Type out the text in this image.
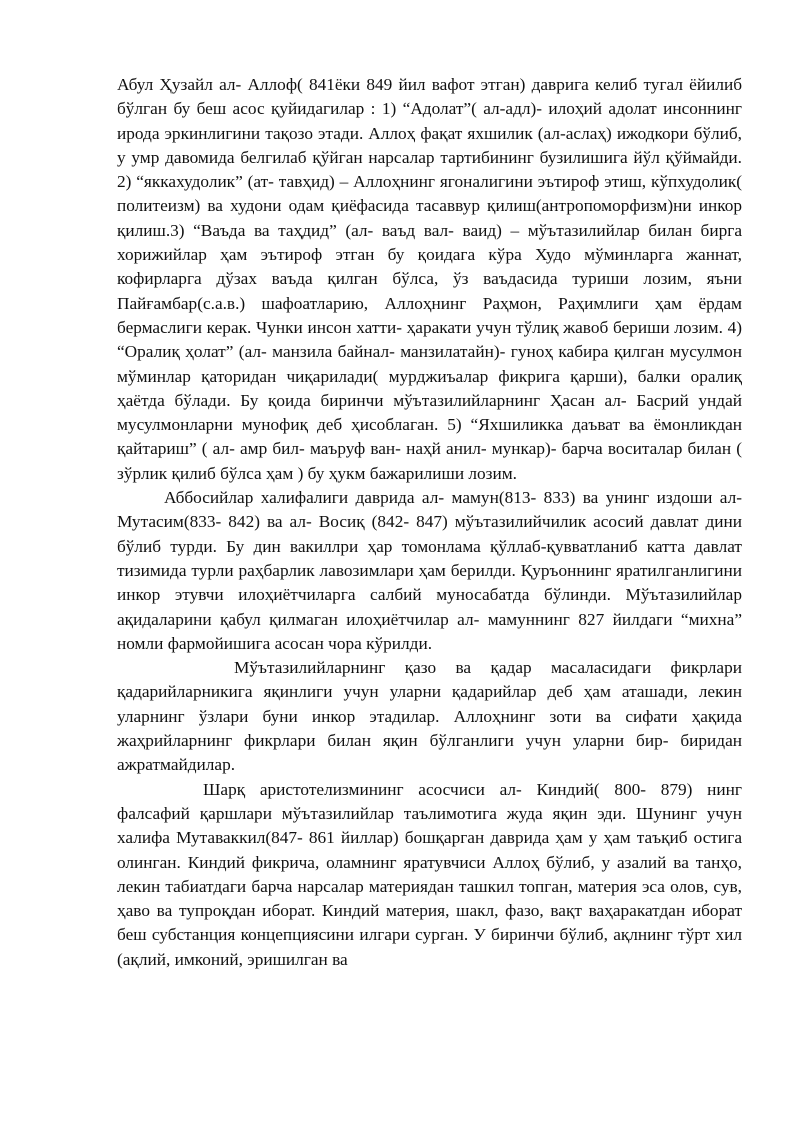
Абул Ҳузайл ал- Аллоф( 841ёки 849 йил вафот этган) даврига келиб тугал ёйилиб бўлган бу беш асос қуйидагилар : 1) “Адолат”( ал-адл)- илоҳий адолат инсоннинг ирода эркинлигини тақозо этади. Аллоҳ фақат яхшилик (ал-аслаҳ) ижодкори бўлиб, у умр давомида белгилаб қўйган нарсалар тартибининг бузилишига йўл қўймайди. 2) “яккахудолик” (ат- тавҳид) – Аллоҳнинг ягоналигини эътироф этиш, кўпхудолик( политеизм) ва худони одам қиёфасида тасаввур қилиш(антропоморфизм)ни инкор қилиш.3) “Ваъда ва таҳдид” (ал- ваъд вал- ваид) – мўътазилийлар билан бирга хорижийлар ҳам эътироф этган бу қоидага кўра Худо мўминларга жаннат, кофирларга дўзах ваъда қилган бўлса, ўз ваъдасида туриши лозим, яъни Пайғамбар(с.а.в.) шафоатларию, Аллоҳнинг Раҳмон, Раҳимлиги ҳам ёрдам бермаслиги керак. Чунки инсон хатти- ҳаракати учун тўлиқ жавоб бериши лозим. 4) “Оралиқ ҳолат” (ал- манзила байнал- манзилатайн)- гуноҳ кабира қилган мусулмон мўминлар қаторидан чиқарилади( мурджиъалар фикрига қарши), балки оралиқ ҳаётда бўлади. Бу қоида биринчи мўътазилийларнинг Ҳасан ал- Басрий ундай мусулмонларни мунофиқ деб ҳисоблаган. 5) “Яхшиликка даъват ва ёмонликдан қайтариш” ( ал- амр бил- маъруф ван- наҳй анил- мункар)- барча воситалар билан ( зўрлик қилиб бўлса ҳам ) бу ҳукм бажарилиши лозим.

Аббосийлар халифалиги даврида ал- мамун(813- 833) ва унинг издоши ал- Мутасим(833- 842) ва ал- Восиқ (842- 847) мўътазилийчилик асосий давлат дини бўлиб турди. Бу дин вакиллри ҳар томонлама қўллаб-қувватланиб катта давлат тизимида турли раҳбарлик лавозимлари ҳам берилди. Қуръоннинг яратилганлигини инкор этувчи илоҳиётчиларга салбий муносабатда бўлинди. Мўътазилийлар ақидаларини қабул қилмаган илоҳиётчилар ал- мамуннинг 827 йилдаги “михна” номли фармойишига асосан чора кўрилди.

Мўътазилийларнинг қазо ва қадар масаласидаги фикрлари қадарийларникига яқинлиги учун уларни қадарийлар деб ҳам аташади, лекин уларнинг ўзлари буни инкор этадилар. Аллоҳнинг зоти ва сифати ҳақида жаҳрийларнинг фикрлари билан яқин бўлганлиги учун уларни бир- биридан ажратмайдилар.

Шарқ аристотелизмининг асосчиси ал- Киндий( 800- 879) нинг фалсафий қаршлари мўътазилийлар таълимотига жуда яқин эди. Шунинг учун халифа Мутаваккил(847- 861 йиллар) бошқарган даврида ҳам у ҳам таъқиб остига олинган. Киндий фикрича, оламнинг яратувчиси Аллоҳ бўлиб, у азалий ва танҳо, лекин табиатдаги барча нарсалар материядан ташкил топган, материя эса олов, сув, ҳаво ва тупроқдан иборат. Киндий материя, шакл, фазо, вақт ваҳаракатдан иборат беш субстанция концепциясини илгари сурган. У биринчи бўлиб, ақлнинг тўрт хил (ақлий, имконий, эришилган ва
